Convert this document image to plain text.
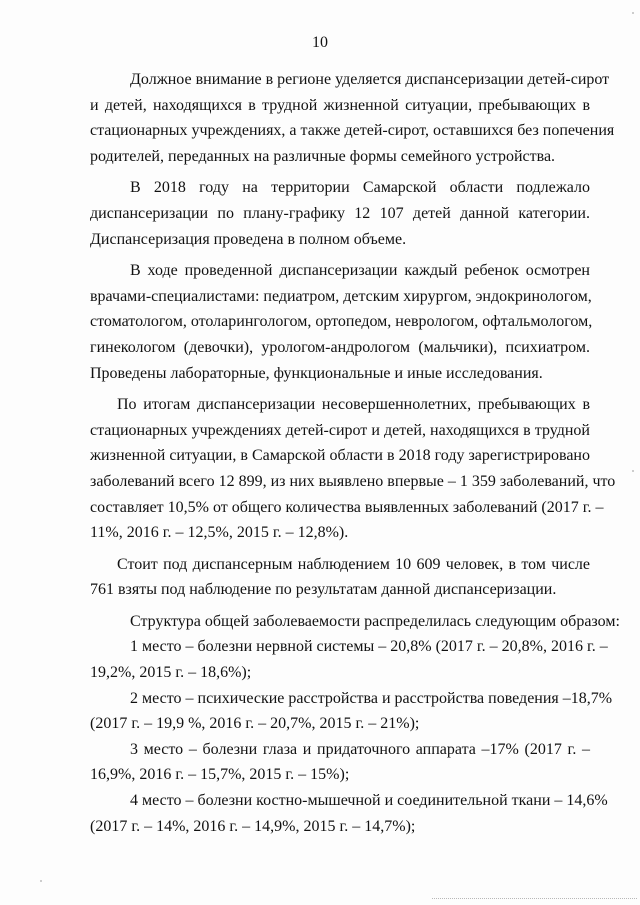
10
Должное внимание в регионе уделяется диспансеризации детей-сирот
и детей, находящихся в трудной жизненной ситуации, пребывающих в
стационарных учреждениях, а также детей-сирот, оставшихся без попечения
родителей, переданных на различные формы семейного устройства.
В 2018 году на территории Самарской области подлежало
диспансеризации по плану-графику 12 107 детей данной категории.
Диспансеризация проведена в полном объеме.
В ходе проведенной диспансеризации каждый ребенок осмотрен
врачами-специалистами: педиатром, детским хирургом, эндокринологом,
стоматологом, отоларингологом, ортопедом, неврологом, офтальмологом,
гинекологом (девочки), урологом-андрологом (мальчики), психиатром.
Проведены лабораторные, функциональные и иные исследования.
По итогам диспансеризации несовершеннолетних, пребывающих в
стационарных учреждениях детей-сирот и детей, находящихся в трудной
жизненной ситуации, в Самарской области в 2018 году зарегистрировано
заболеваний всего 12 899, из них выявлено впервые – 1 359 заболеваний, что
составляет 10,5% от общего количества выявленных заболеваний (2017 г. –
11%, 2016 г. – 12,5%, 2015 г. – 12,8%).
Стоит под диспансерным наблюдением 10 609 человек, в том числе
761 взяты под наблюдение по результатам данной диспансеризации.
Структура общей заболеваемости распределилась следующим образом:
1 место – болезни нервной системы – 20,8% (2017 г. – 20,8%, 2016 г. –
19,2%, 2015 г. – 18,6%);
2 место – психические расстройства и расстройства поведения –18,7%
(2017 г. – 19,9 %, 2016 г. – 20,7%, 2015 г. – 21%);
3 место – болезни глаза и придаточного аппарата –17% (2017 г. –
16,9%, 2016 г. – 15,7%, 2015 г. – 15%);
4 место – болезни костно-мышечной и соединительной ткани – 14,6%
(2017 г. – 14%, 2016 г. – 14,9%, 2015 г. – 14,7%);
